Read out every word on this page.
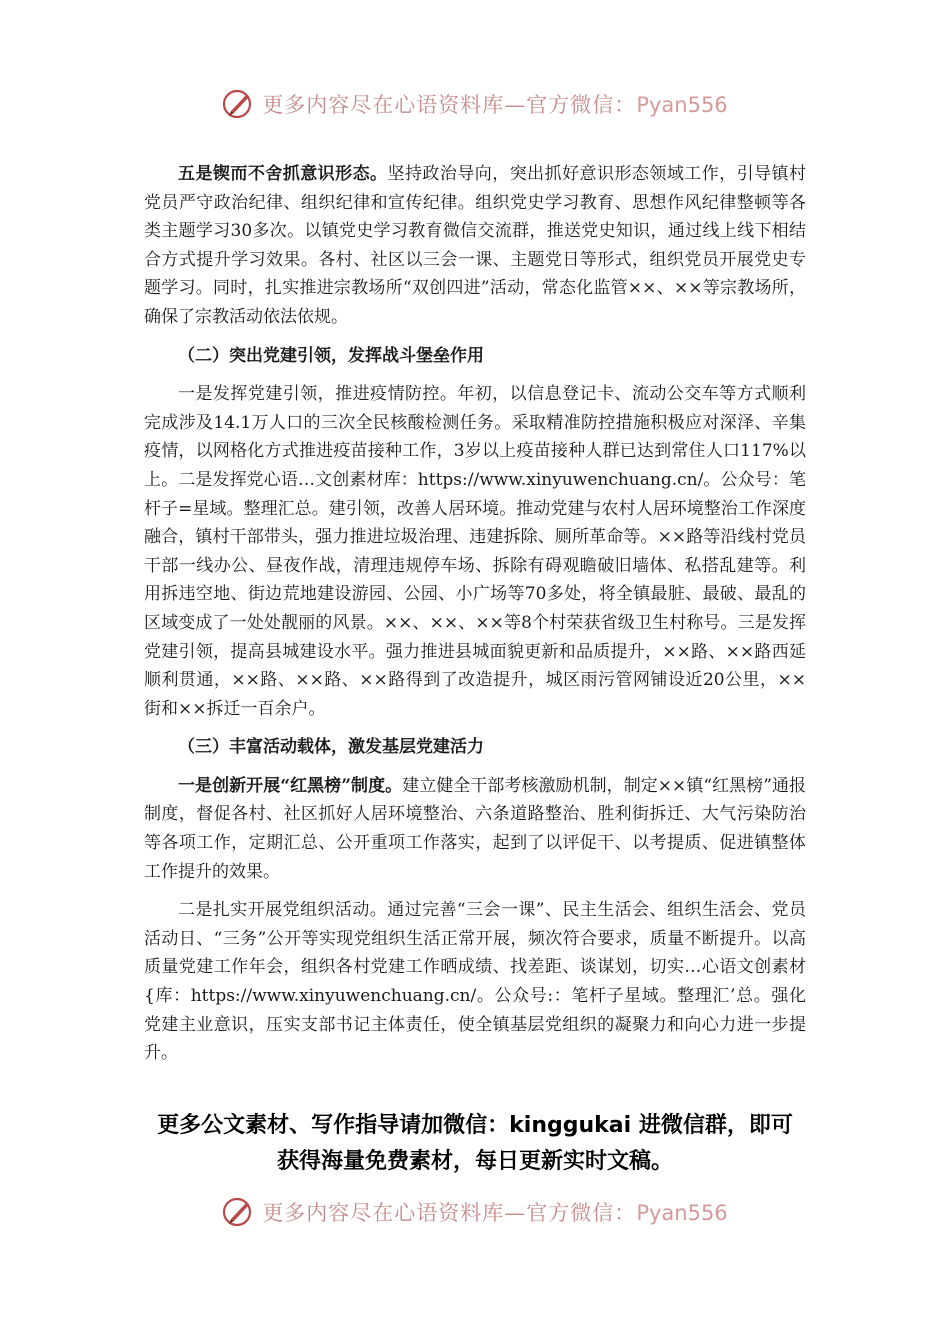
更多内容尽在心语资料库—官方微信：Pyan556

五是锲而不舍抓意识形态。坚持政治导向，突出抓好意识形态领域工作，引导镇村党员严守政治纪律、组织纪律和宣传纪律。组织党史学习教育、思想作风纪律整顿等各类主题学习30多次。以镇党史学习教育微信交流群，推送党史知识，通过线上线下相结合方式提升学习效果。各村、社区以三会一课、主题党日等形式，组织党员开展党史专题学习。同时，扎实推进宗教场所“双创四进”活动，常态化监管××、××等宗教场所，确保了宗教活动依法依规。

（二）突出党建引领，发挥战斗堡垒作用

一是发挥党建引领，推进疫情防控。年初，以信息登记卡、流动公交车等方式顺利完成涉及14.1万人口的三次全民核酸检测任务。采取精准防控措施积极应对深泽、辛集疫情，以网格化方式推进疫苗接种工作，3岁以上疫苗接种人群已达到常住人口117%以上。二是发挥党心语…文创素材库：https://www.xinyuwenchuang.cn/。公众号：笔杆子=星域。整理汇总。建引领，改善人居环境。推动党建与农村人居环境整治工作深度融合，镇村干部带头，强力推进垃圾治理、违建拆除、厕所革命等。××路等沿线村党员干部一线办公、昼夜作战，清理违规停车场、拆除有碍观瞻破旧墙体、私搭乱建等。利用拆违空地、街边荒地建设游园、公园、小广场等70多处，将全镇最脏、最破、最乱的区域变成了一处处靓丽的风景。××、××、××等8个村荣获省级卫生村称号。三是发挥党建引领，提高县城建设水平。强力推进县城面貌更新和品质提升，××路、××路西延顺利贯通，××路、××路、××路得到了改造提升，城区雨污管网铺设近20公里，××街和××拆迁一百余户。

（三）丰富活动载体，激发基层党建活力

一是创新开展“红黑榜”制度。建立健全干部考核激励机制，制定××镇“红黑榜”通报制度，督促各村、社区抓好人居环境整治、六条道路整治、胜利街拆迁、大气污染防治等各项工作，定期汇总、公开重项工作落实，起到了以评促干、以考提质、促进镇整体工作提升的效果。

二是扎实开展党组织活动。通过完善“三会一课”、民主生活会、组织生活会、党员活动日、“三务”公开等实现党组织生活正常开展，频次符合要求，质量不断提升。以高质量党建工作年会，组织各村党建工作晒成绩、找差距、谈谋划，切实…心语文创素材{库：https://www.xinyuwenchuang.cn/。公众号:：笔杆子星域。整理汇’总。强化党建主业意识，压实支部书记主体责任，使全镇基层党组织的凝聚力和向心力进一步提升。

更多公文素材、写作指导请加微信：kinggukai 进微信群，即可
获得海量免费素材，每日更新实时文稿。
更多内容尽在心语资料库—官方微信：Pyan556
